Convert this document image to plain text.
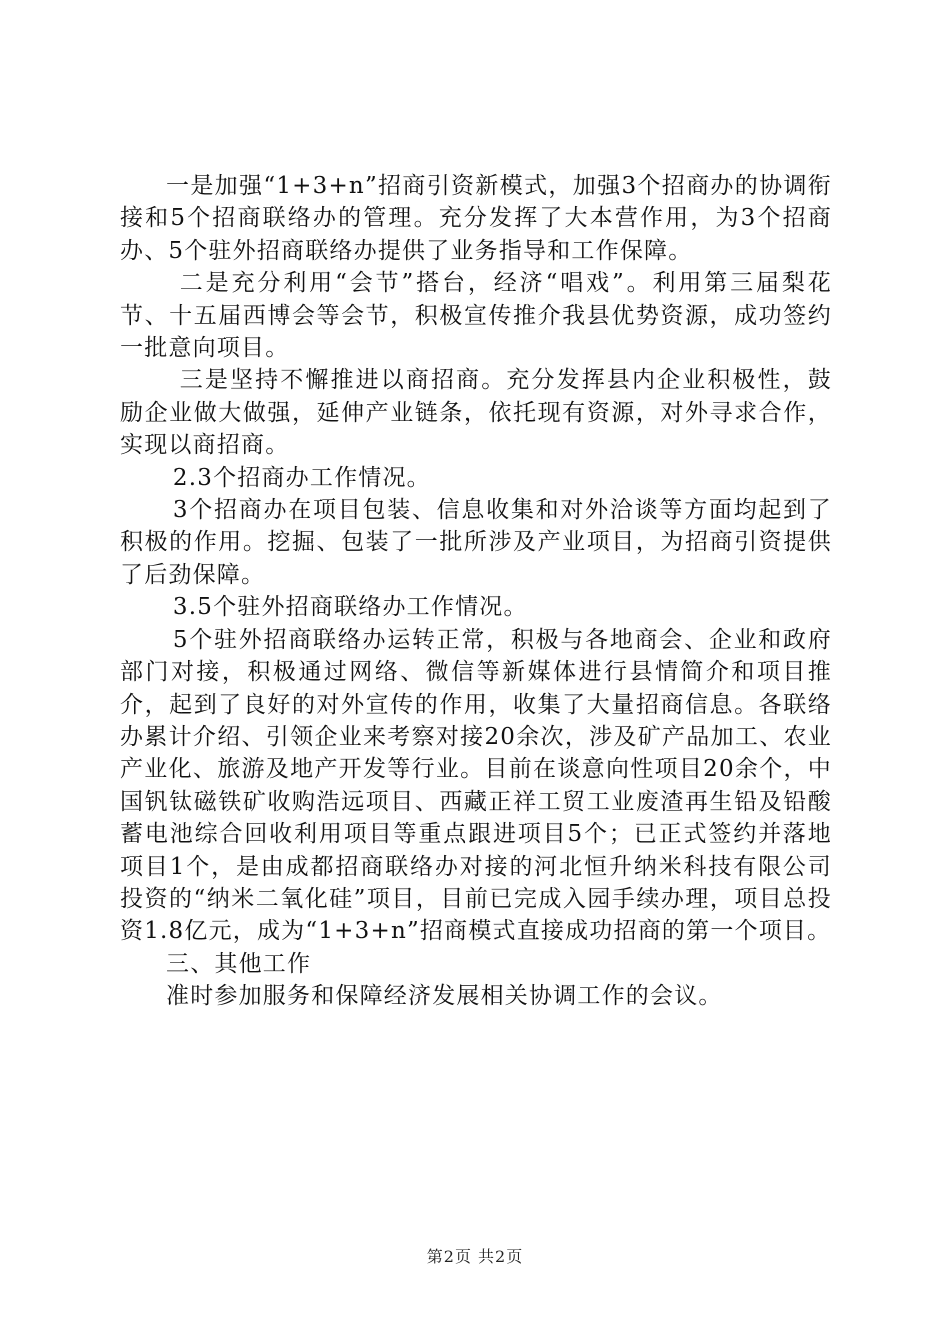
一是加强“1+3+n”招商引资新模式，加强3个招商办的协调衔接和5个招商联络办的管理。充分发挥了大本营作用，为3个招商办、5个驻外招商联络办提供了业务指导和工作保障。

二是充分利用“会节”搭台，经济“唱戏”。利用第三届梨花节、十五届西博会等会节，积极宣传推介我县优势资源，成功签约一批意向项目。

三是坚持不懈推进以商招商。充分发挥县内企业积极性，鼓励企业做大做强，延伸产业链条，依托现有资源，对外寻求合作，实现以商招商。

2.3个招商办工作情况。

3个招商办在项目包装、信息收集和对外洽谈等方面均起到了积极的作用。挖掘、包装了一批所涉及产业项目，为招商引资提供了后劲保障。

3.5个驻外招商联络办工作情况。

5个驻外招商联络办运转正常，积极与各地商会、企业和政府部门对接，积极通过网络、微信等新媒体进行县情简介和项目推介，起到了良好的对外宣传的作用，收集了大量招商信息。各联络办累计介绍、引领企业来考察对接20余次，涉及矿产品加工、农业产业化、旅游及地产开发等行业。目前在谈意向性项目20余个，中国钒钛磁铁矿收购浩远项目、西藏正祥工贸工业废渣再生铅及铅酸蓄电池综合回收利用项目等重点跟进项目5个；已正式签约并落地项目1个，是由成都招商联络办对接的河北恒升纳米科技有限公司投资的“纳米二氧化硅”项目，目前已完成入园手续办理，项目总投资1.8亿元，成为“1+3+n”招商模式直接成功招商的第一个项目。

三、其他工作

准时参加服务和保障经济发展相关协调工作的会议。

第2页 共2页
